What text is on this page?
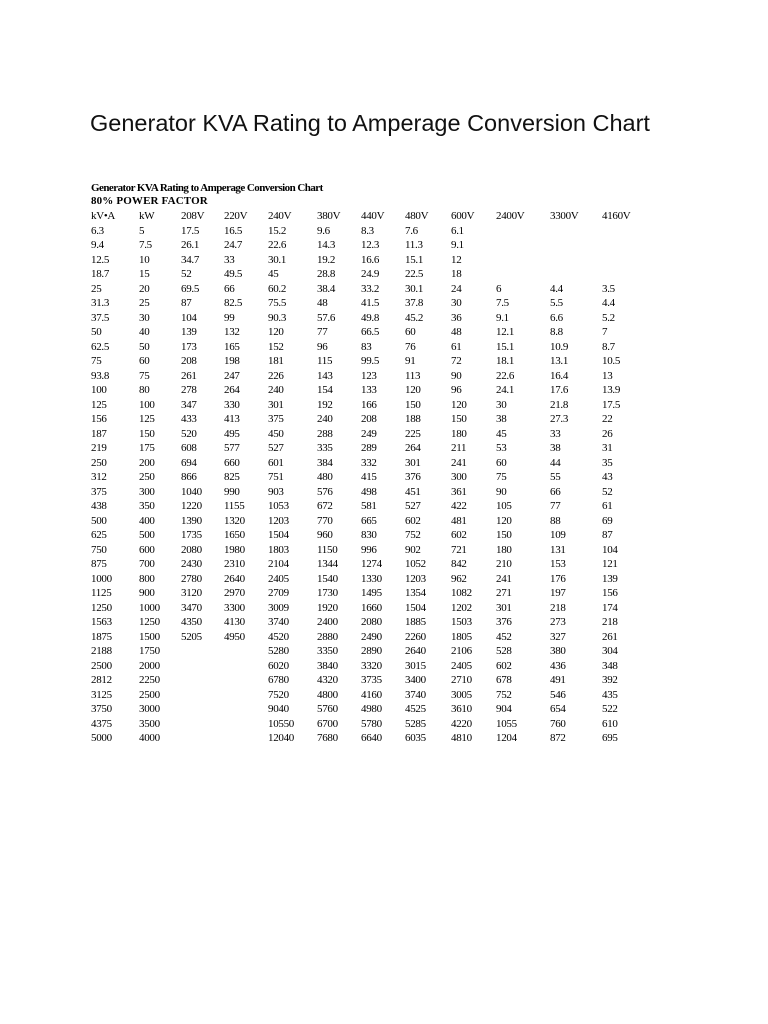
Generator KVA Rating to Amperage Conversion Chart
Generator KVA Rating to Amperage Conversion Chart
80% POWER FACTOR
kV•A	kW	208V	220V	240V	380V	440V	480V	600V	2400V	3300V	4160V
6.3	5	17.5	16.5	15.2	9.6	8.3	7.6	6.1			
9.4	7.5	26.1	24.7	22.6	14.3	12.3	11.3	9.1			
12.5	10	34.7	33	30.1	19.2	16.6	15.1	12			
18.7	15	52	49.5	45	28.8	24.9	22.5	18			
25	20	69.5	66	60.2	38.4	33.2	30.1	24	6	4.4	3.5
31.3	25	87	82.5	75.5	48	41.5	37.8	30	7.5	5.5	4.4
37.5	30	104	99	90.3	57.6	49.8	45.2	36	9.1	6.6	5.2
50	40	139	132	120	77	66.5	60	48	12.1	8.8	7
62.5	50	173	165	152	96	83	76	61	15.1	10.9	8.7
75	60	208	198	181	115	99.5	91	72	18.1	13.1	10.5
93.8	75	261	247	226	143	123	113	90	22.6	16.4	13
100	80	278	264	240	154	133	120	96	24.1	17.6	13.9
125	100	347	330	301	192	166	150	120	30	21.8	17.5
156	125	433	413	375	240	208	188	150	38	27.3	22
187	150	520	495	450	288	249	225	180	45	33	26
219	175	608	577	527	335	289	264	211	53	38	31
250	200	694	660	601	384	332	301	241	60	44	35
312	250	866	825	751	480	415	376	300	75	55	43
375	300	1040	990	903	576	498	451	361	90	66	52
438	350	1220	1155	1053	672	581	527	422	105	77	61
500	400	1390	1320	1203	770	665	602	481	120	88	69
625	500	1735	1650	1504	960	830	752	602	150	109	87
750	600	2080	1980	1803	1150	996	902	721	180	131	104
875	700	2430	2310	2104	1344	1274	1052	842	210	153	121
1000	800	2780	2640	2405	1540	1330	1203	962	241	176	139
1125	900	3120	2970	2709	1730	1495	1354	1082	271	197	156
1250	1000	3470	3300	3009	1920	1660	1504	1202	301	218	174
1563	1250	4350	4130	3740	2400	2080	1885	1503	376	273	218
1875	1500	5205	4950	4520	2880	2490	2260	1805	452	327	261
2188	1750			5280	3350	2890	2640	2106	528	380	304
2500	2000			6020	3840	3320	3015	2405	602	436	348
2812	2250			6780	4320	3735	3400	2710	678	491	392
3125	2500			7520	4800	4160	3740	3005	752	546	435
3750	3000			9040	5760	4980	4525	3610	904	654	522
4375	3500			10550	6700	5780	5285	4220	1055	760	610
5000	4000			12040	7680	6640	6035	4810	1204	872	695
